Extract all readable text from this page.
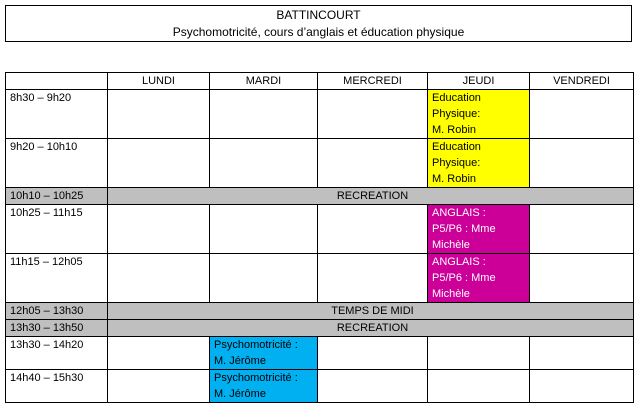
BATTINCOURT
Psychomotricité, cours d’anglais et éducation physique
	LUNDI	MARDI	MERCREDI	JEUDI	VENDREDI
8h30 – 9h20				Education
Physique:
M. Robin	

9h20 – 10h10				Education
Physique:
M. Robin	

10h10 – 10h25	RECREATION				
10h25 – 11h15				ANGLAIS :
P5/P6 : Mme
Michèle	

11h15 – 12h05				ANGLAIS :
P5/P6 : Mme
Michèle	

12h05 – 13h30	TEMPS DE MIDI				
13h30 – 13h50	RECREATION				
13h30 – 14h20		Psychomotricité :
M. Jérôme			

14h40 – 15h30		Psychomotricité :
M. Jérôme			
